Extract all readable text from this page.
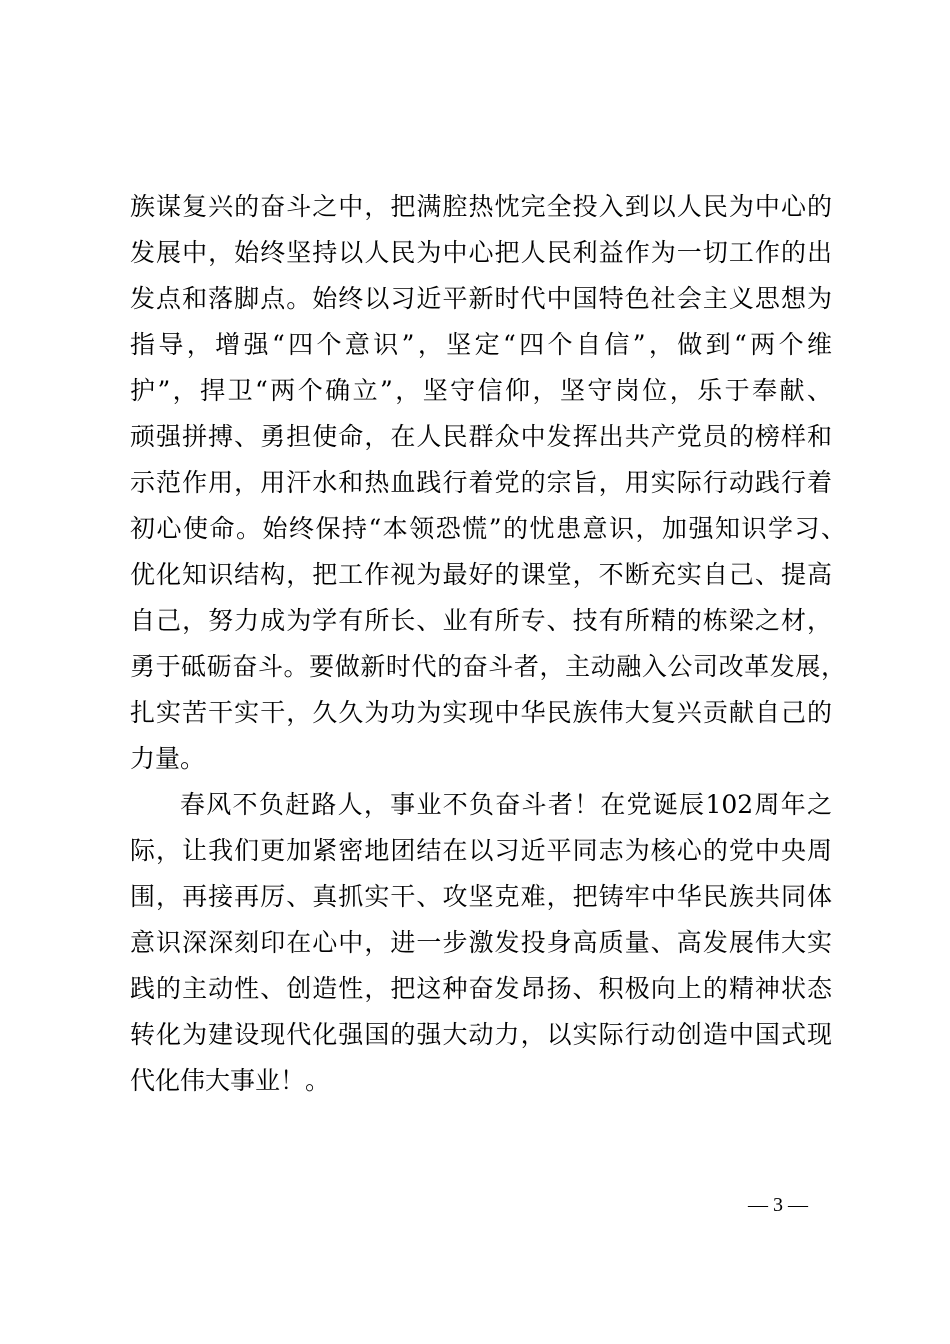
族谋复兴的奋斗之中，把满腔热忱完全投入到以人民为中心的
发展中，始终坚持以人民为中心把人民利益作为一切工作的出
发点和落脚点。始终以习近平新时代中国特色社会主义思想为
指导，增强“四个意识”，坚定“四个自信”，做到“两个维
护”，捍卫“两个确立”，坚守信仰，坚守岗位，乐于奉献、
顽强拼搏、勇担使命，在人民群众中发挥出共产党员的榜样和
示范作用，用汗水和热血践行着党的宗旨，用实际行动践行着
初心使命。始终保持“本领恐慌”的忧患意识，加强知识学习、
优化知识结构，把工作视为最好的课堂，不断充实自己、提高
自己，努力成为学有所长、业有所专、技有所精的栋梁之材，
勇于砥砺奋斗。要做新时代的奋斗者，主动融入公司改革发展，
扎实苦干实干，久久为功为实现中华民族伟大复兴贡献自己的
力量。
春风不负赶路人，事业不负奋斗者！在党诞辰102周年之
际，让我们更加紧密地团结在以习近平同志为核心的党中央周
围，再接再厉、真抓实干、攻坚克难，把铸牢中华民族共同体
意识深深刻印在心中，进一步激发投身高质量、高发展伟大实
践的主动性、创造性，把这种奋发昂扬、积极向上的精神状态
转化为建设现代化强国的强大动力，以实际行动创造中国式现
代化伟大事业！。
— 3 —
